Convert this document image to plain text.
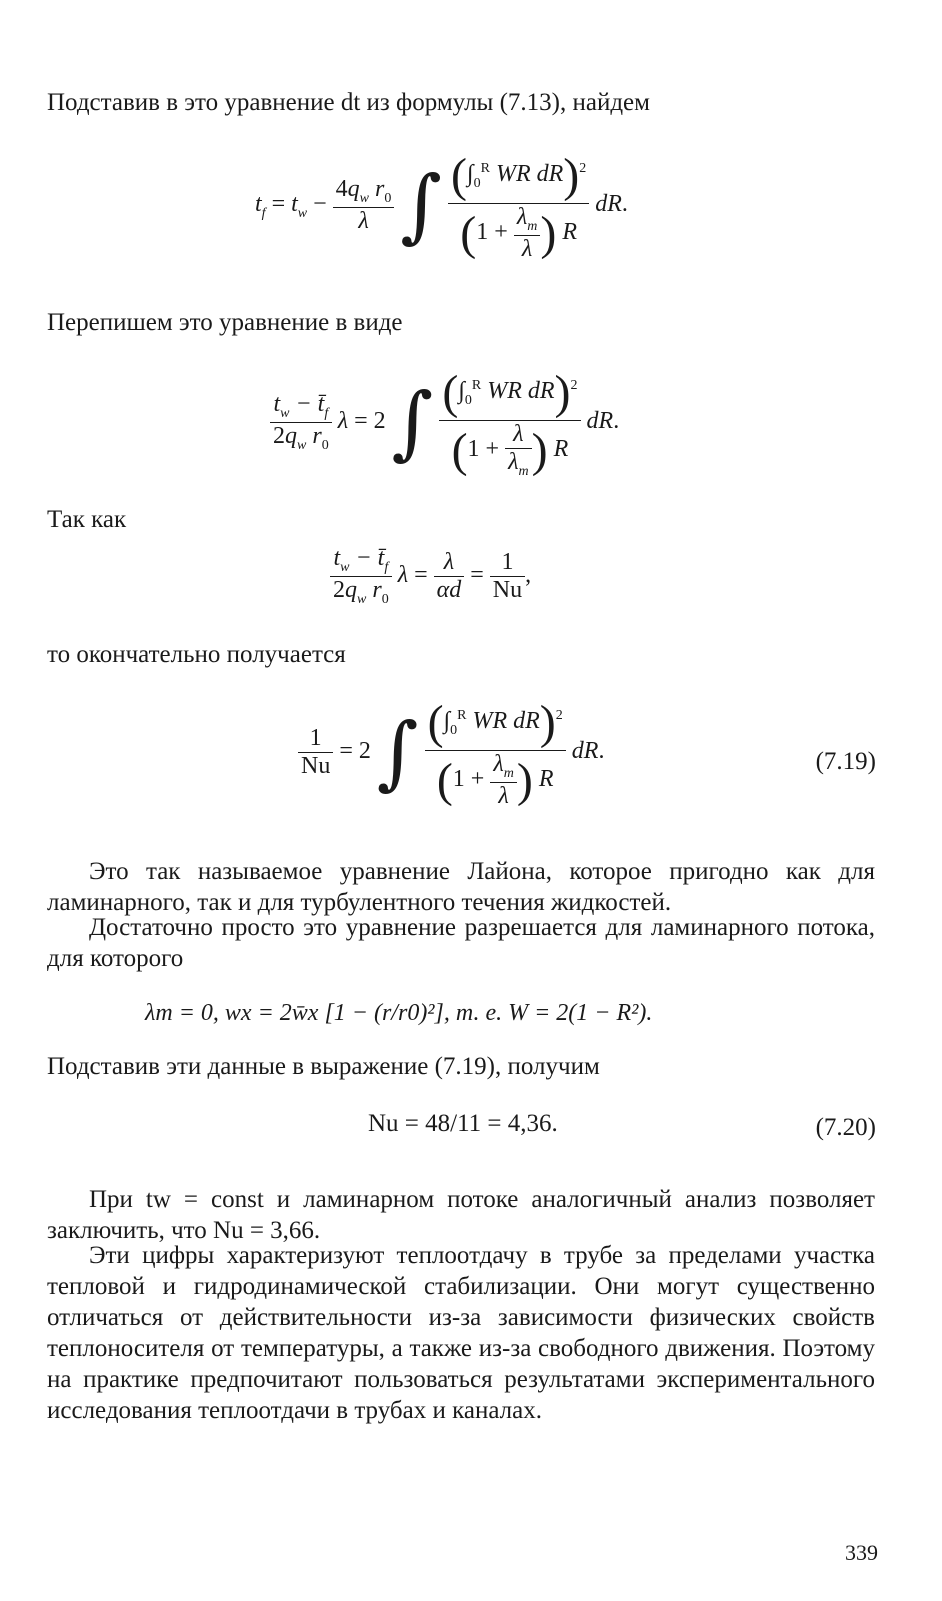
Подставив в это уравнение dt из формулы (7.13), найдем
$t_f = t_w - \frac{4q_w r_0}{\lambda}$ ∫ $\frac{(\int_0^R WR dR)^2}{(1 + \frac{\lambda_т}{\lambda} ) R}$ dR.
Перепишем это уравнение в виде
$\frac{t_w - t̄_f}{2q_w r_0}$ λ = 2 ∫ $\frac{(\int_0^R WR dR)^2}{(1 + \frac{\lambda}{\lambda_т} ) R}$ dR.
Так как
$\frac{t_w - t̄_f}{2q_w r_0}$ $\lambda = \frac{\lambda}{\alpha d} = \frac{1}{Nu}$ ,
то окончательно получается
$\frac{1}{Nu} = 2$ ∫ $\frac{(\int_0^R WR dR)^2}{(1 + \frac{\lambda_т}{\lambda} ) R}$ dR.	(7.19)
Это так называемое уравнение Лайона, которое пригодно как для ламинарного, так и для турбулентного течения жидкостей.
Достаточно просто это уравнение разрешается для ламинарного потока, для которого
λт = 0, wx = 2w̄x [1 − (r/r0)²], т. е. W = 2(1 − R²).
Подставив эти данные в выражение (7.19), получим
Nu = 48/11 = 4,36.	(7.20)
При tw = const и ламинарном потоке аналогичный анализ позволяет заключить, что Nu = 3,66.
Эти цифры характеризуют теплоотдачу в трубе за пределами участка тепловой и гидродинамической стабилизации. Они могут существенно отличаться от действительности из-за зависимости физических свойств теплоносителя от температуры, а также из-за свободного движения. Поэтому на практике предпочитают пользоваться результатами экспериментального исследования теплоотдачи в трубах и каналах.
339
